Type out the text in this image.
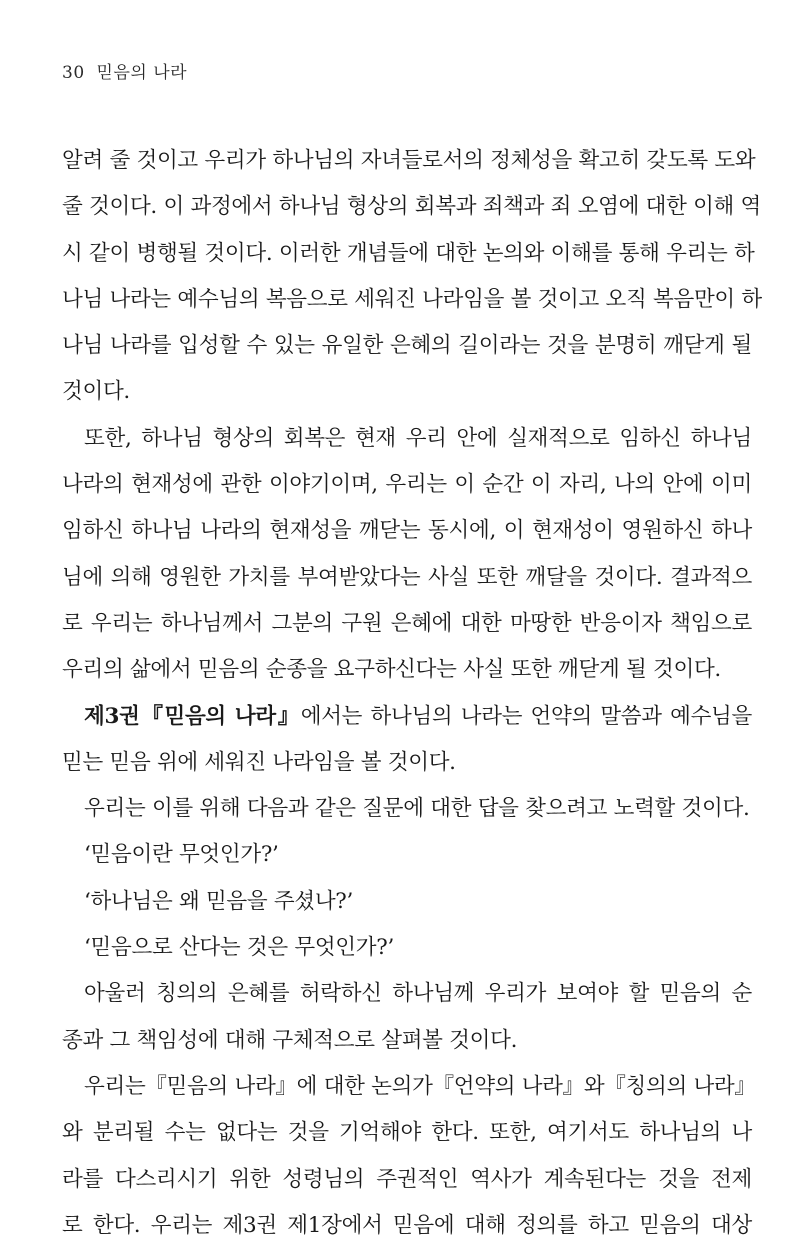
30 믿음의 나라
알려 줄 것이고 우리가 하나님의 자녀들로서의 정체성을 확고히 갖도록 도와
줄 것이다. 이 과정에서 하나님 형상의 회복과 죄책과 죄 오염에 대한 이해 역
시 같이 병행될 것이다. 이러한 개념들에 대한 논의와 이해를 통해 우리는 하
나님 나라는 예수님의 복음으로 세워진 나라임을 볼 것이고 오직 복음만이 하
나님 나라를 입성할 수 있는 유일한 은혜의 길이라는 것을 분명히 깨닫게 될
것이다.
또한, 하나님 형상의 회복은 현재 우리 안에 실재적으로 임하신 하나님
나라의 현재성에 관한 이야기이며, 우리는 이 순간 이 자리, 나의 안에 이미
임하신 하나님 나라의 현재성을 깨닫는 동시에, 이 현재성이 영원하신 하나
님에 의해 영원한 가치를 부여받았다는 사실 또한 깨달을 것이다. 결과적으
로 우리는 하나님께서 그분의 구원 은혜에 대한 마땅한 반응이자 책임으로
우리의 삶에서 믿음의 순종을 요구하신다는 사실 또한 깨닫게 될 것이다.
제3권『믿음의 나라』에서는 하나님의 나라는 언약의 말씀과 예수님을
믿는 믿음 위에 세워진 나라임을 볼 것이다.
우리는 이를 위해 다음과 같은 질문에 대한 답을 찾으려고 노력할 것이다.
‘믿음이란 무엇인가?’
‘하나님은 왜 믿음을 주셨나?’
‘믿음으로 산다는 것은 무엇인가?’
아울러 칭의의 은혜를 허락하신 하나님께 우리가 보여야 할 믿음의 순
종과 그 책임성에 대해 구체적으로 살펴볼 것이다.
우리는『믿음의 나라』에 대한 논의가『언약의 나라』와『칭의의 나라』
와 분리될 수는 없다는 것을 기억해야 한다. 또한, 여기서도 하나님의 나
라를 다스리시기 위한 성령님의 주권적인 역사가 계속된다는 것을 전제
로 한다. 우리는 제3권 제1장에서 믿음에 대해 정의를 하고 믿음의 대상
